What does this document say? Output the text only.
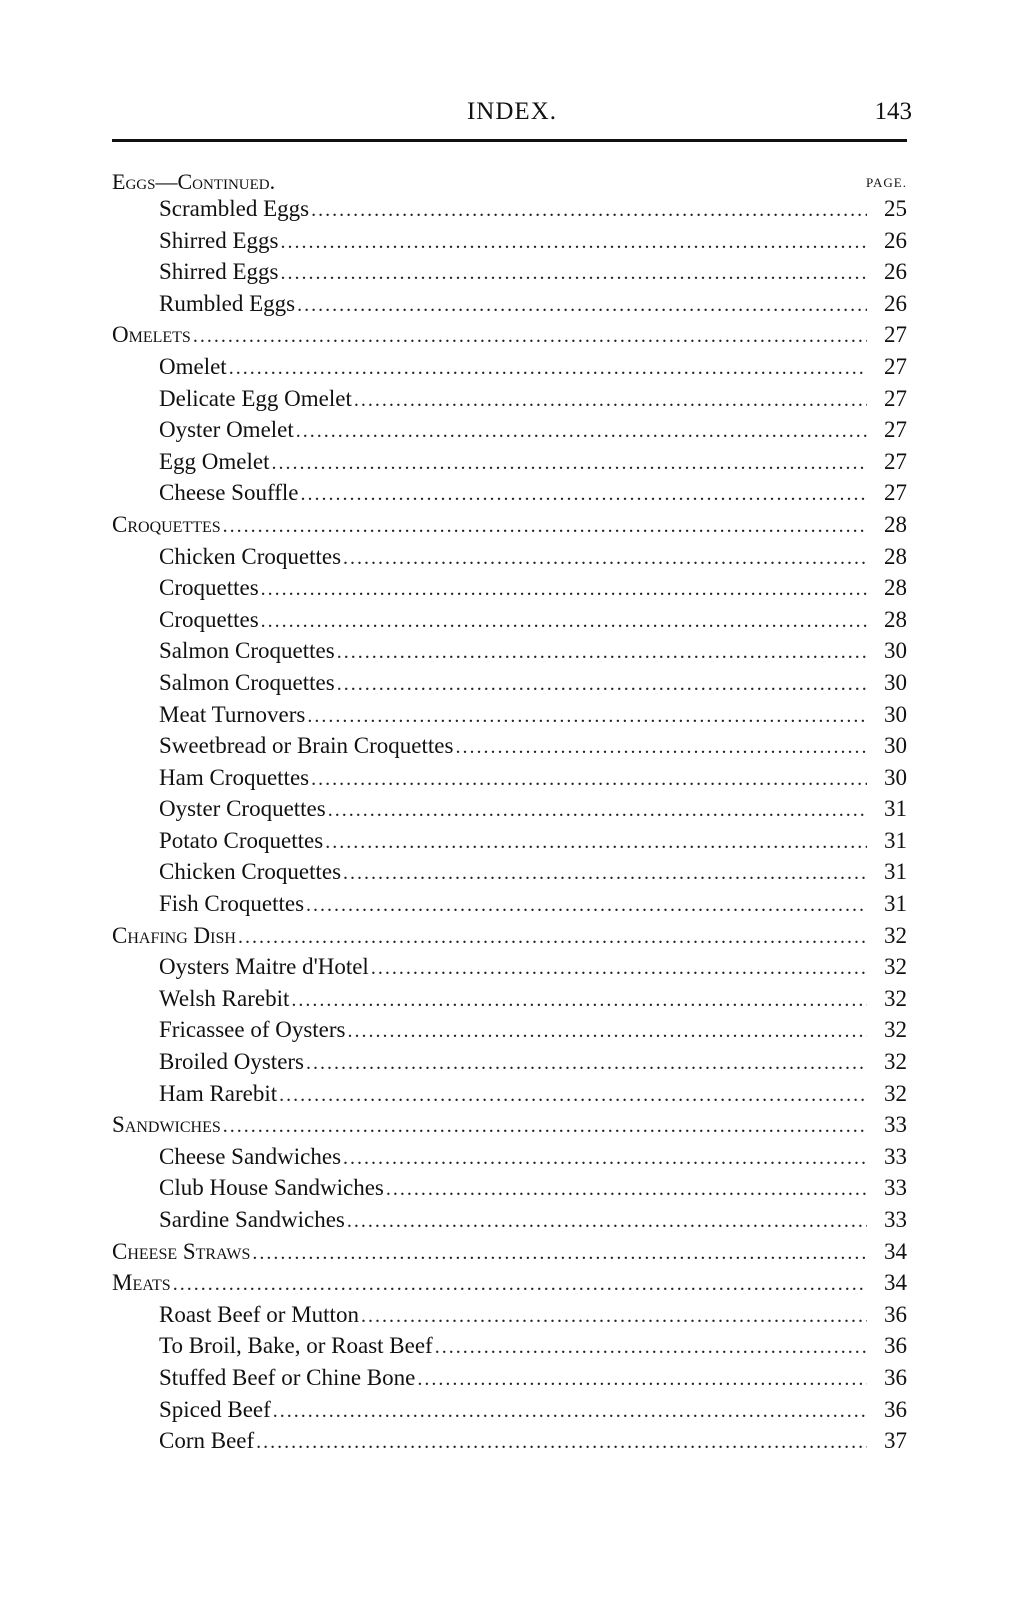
INDEX.	143
Eggs—Continued.	PAGE.
Scrambled Eggs .....	25
Shirred Eggs .....	26
Shirred Eggs .....	26
Rumbled Eggs .....	26
Omelets .....	27
Omelet .....	27
Delicate Egg Omelet .....	27
Oyster Omelet .....	27
Egg Omelet .....	27
Cheese Souffle .....	27
Croquettes .....	28
Chicken Croquettes .....	28
Croquettes .....	28
Croquettes .....	28
Salmon Croquettes .....	30
Salmon Croquettes .....	30
Meat Turnovers .....	30
Sweetbread or Brain Croquettes .....	30
Ham Croquettes .....	30
Oyster Croquettes .....	31
Potato Croquettes .....	31
Chicken Croquettes .....	31
Fish Croquettes .....	31
Chafing Dish .....	32
Oysters Maitre d'Hotel .....	32
Welsh Rarebit .....	32
Fricassee of Oysters .....	32
Broiled Oysters .....	32
Ham Rarebit .....	32
Sandwiches .....	33
Cheese Sandwiches .....	33
Club House Sandwiches .....	33
Sardine Sandwiches .....	33
Cheese Straws .....	34
Meats .....	34
Roast Beef or Mutton .....	36
To Broil, Bake, or Roast Beef .....	36
Stuffed Beef or Chine Bone .....	36
Spiced Beef .....	36
Corn Beef .....	37
